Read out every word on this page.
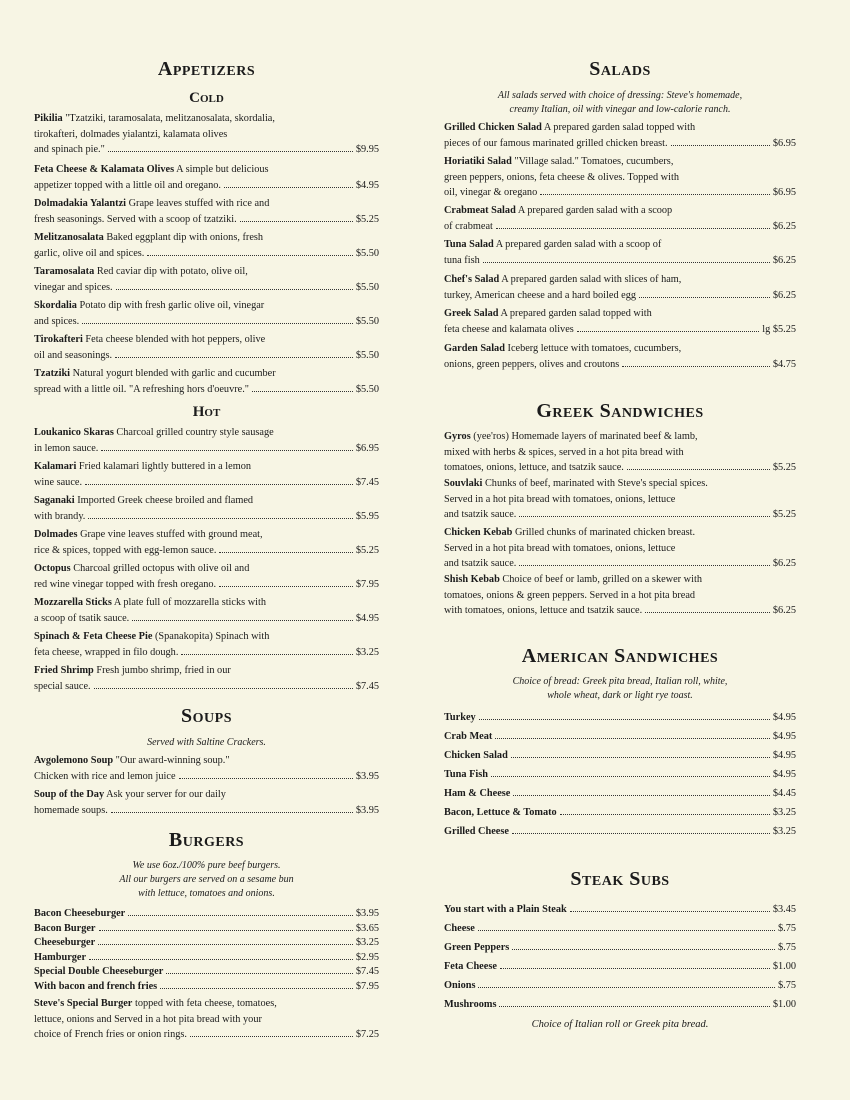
Appetizers
Cold

Pikilia "Tzatziki, taramosalata, melitzanosalata, skordalia,

tirokafteri, dolmades yialantzi, kalamata olives

and spinach pie."	$9.95

Feta Cheese & Kalamata Olives A simple but delicious

appetizer topped with a little oil and oregano.	$4.95

Dolmadakia Yalantzi Grape leaves stuffed with rice and

fresh seasonings. Served with a scoop of tzatziki.	$5.25

Melitzanosalata Baked eggplant dip with onions, fresh

garlic, olive oil and spices.	$5.50

Taramosalata Red caviar dip with potato, olive oil,

vinegar and spices.	$5.50

Skordalia Potato dip with fresh garlic olive oil, vinegar

and spices.	$5.50

Tirokafteri Feta cheese blended with hot peppers, olive

oil and seasonings.	$5.50

Tzatziki Natural yogurt blended with garlic and cucumber

spread with a little oil. "A refreshing hors d'oeuvre."	$5.50
Hot

Loukanico Skaras Charcoal grilled country style sausage

in lemon sauce.	$6.95

Kalamari Fried kalamari lightly buttered in a lemon

wine sauce.	$7.45

Saganaki Imported Greek cheese broiled and flamed

with brandy.	$5.95

Dolmades Grape vine leaves stuffed with ground meat,

rice & spices, topped with egg-lemon sauce.	$5.25

Octopus Charcoal grilled octopus with olive oil and

red wine vinegar topped with fresh oregano.	$7.95

Mozzarella Sticks A plate full of mozzarella sticks with

a scoop of tsatik sauce.	$4.95

Spinach & Feta Cheese Pie (Spanakopita) Spinach with

feta cheese, wrapped in filo dough.	$3.25

Fried Shrimp Fresh jumbo shrimp, fried in our

special sauce.	$7.45
Soups

Served with Saltine Crackers.

Avgolemono Soup "Our award-winning soup."

Chicken with rice and lemon juice	$3.95

Soup of the Day Ask your server for our daily

homemade soups.	$3.95
Burgers

We use 6oz./100% pure beef burgers.
All our burgers are served on a sesame bun
with lettuce, tomatoes and onions.

Bacon Cheeseburger	$3.95
Bacon Burger	$3.65
Cheeseburger	$3.25
Hamburger	$2.95
Special Double Cheeseburger	$7.45
With bacon and french fries	$7.95

Steve's Special Burger topped with feta cheese, tomatoes,

lettuce, onions and Served in a hot pita bread with your

choice of French fries or onion rings.	$7.25
Salads

All salads served with choice of dressing: Steve's homemade,
creamy Italian, oil with vinegar and low-calorie ranch.

Grilled Chicken Salad A prepared garden salad topped with

pieces of our famous marinated grilled chicken breast.	$6.95

Horiatiki Salad "Village salad." Tomatoes, cucumbers,

green peppers, onions, feta cheese & olives. Topped with

oil, vinegar & oregano	$6.95

Crabmeat Salad A prepared garden salad with a scoop

of crabmeat	$6.25

Tuna Salad A prepared garden salad with a scoop of

tuna fish	$6.25

Chef's Salad A prepared garden salad with slices of ham,

turkey, American cheese and a hard boiled egg	$6.25

Greek Salad A prepared garden salad topped with

feta cheese and kalamata olives	lg $5.25

Garden Salad Iceberg lettuce with tomatoes, cucumbers,

onions, green peppers, olives and croutons	$4.75
Greek Sandwiches

Gyros (yee'ros) Homemade layers of marinated beef & lamb,

mixed with herbs & spices, served in a hot pita bread with

tomatoes, onions, lettuce, and tsatzik sauce.	$5.25

Souvlaki Chunks of beef, marinated with Steve's special spices.

Served in a hot pita bread with tomatoes, onions, lettuce

and tsatzik sauce.	$5.25

Chicken Kebab Grilled chunks of marinated chicken breast.

Served in a hot pita bread with tomatoes, onions, lettuce

and tsatzik sauce.	$6.25

Shish Kebab Choice of beef or lamb, grilled on a skewer with

tomatoes, onions & green peppers. Served in a hot pita bread

with tomatoes, onions, lettuce and tsatzik sauce.	$6.25
American Sandwiches

Choice of bread: Greek pita bread, Italian roll, white,
whole wheat, dark or light rye toast.

Turkey	$4.95
Crab Meat	$4.95
Chicken Salad	$4.95
Tuna Fish	$4.95
Ham & Cheese	$4.45
Bacon, Lettuce & Tomato	$3.25
Grilled Cheese	$3.25
Steak Subs
You start with a Plain Steak	$3.45
Cheese	$.75
Green Peppers	$.75
Feta Cheese	$1.00
Onions	$.75
Mushrooms	$1.00

Choice of Italian roll or Greek pita bread.
